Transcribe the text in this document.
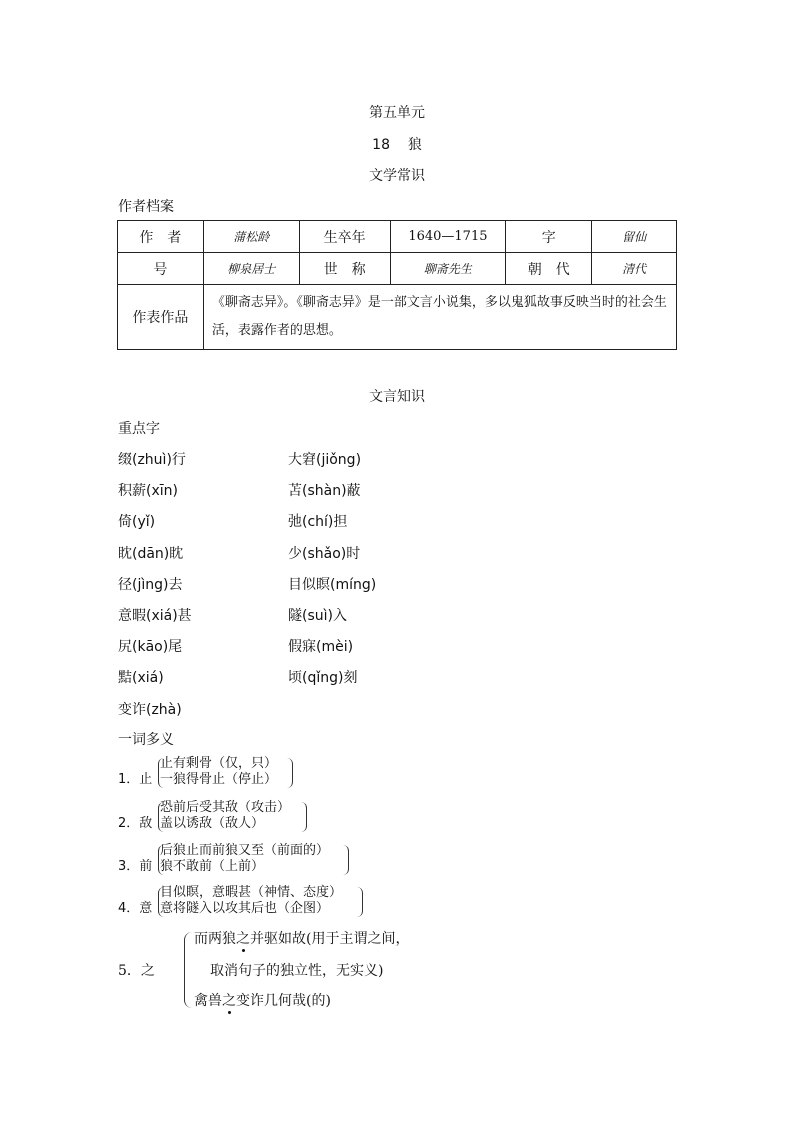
第五单元
18 狼
文学常识
作者档案
作　者	蒲松龄	生卒年	1640—1715	字	留仙
号	柳泉居士	世　称	聊斋先生	朝　代	清代
作表作品	《聊斋志异》。《聊斋志异》是一部文言小说集，多以鬼狐故事反映当时的社会生活，表露作者的思想。				
文言知识
重点字
缀(zhuì)行	大窘(jiǒng)
积薪(xīn)	苫(shàn)蔽
倚(yǐ)	弛(chí)担
眈(dān)眈	少(shǎo)时
径(jìng)去	目似瞑(míng)
意暇(xiá)甚	隧(suì)入
尻(kāo)尾	假寐(mèi)
黠(xiá)	顷(qǐng)刻
变诈(zhà)
一词多义
1．止
止有剩骨（仅，只）
一狼得骨止（停止）
2．敌
恐前后受其敌（攻击）
盖以诱敌（敌人）
3．前
后狼止而前狼又至（前面的）
狼不敢前（上前）
4．意
目似瞑，意暇甚（神情、态度）
意将隧入以攻其后也（企图）
5．之
而两狼之并驱如故(用于主谓之间，
取消句子的独立性，无实义)
禽兽之变诈几何哉(的)
